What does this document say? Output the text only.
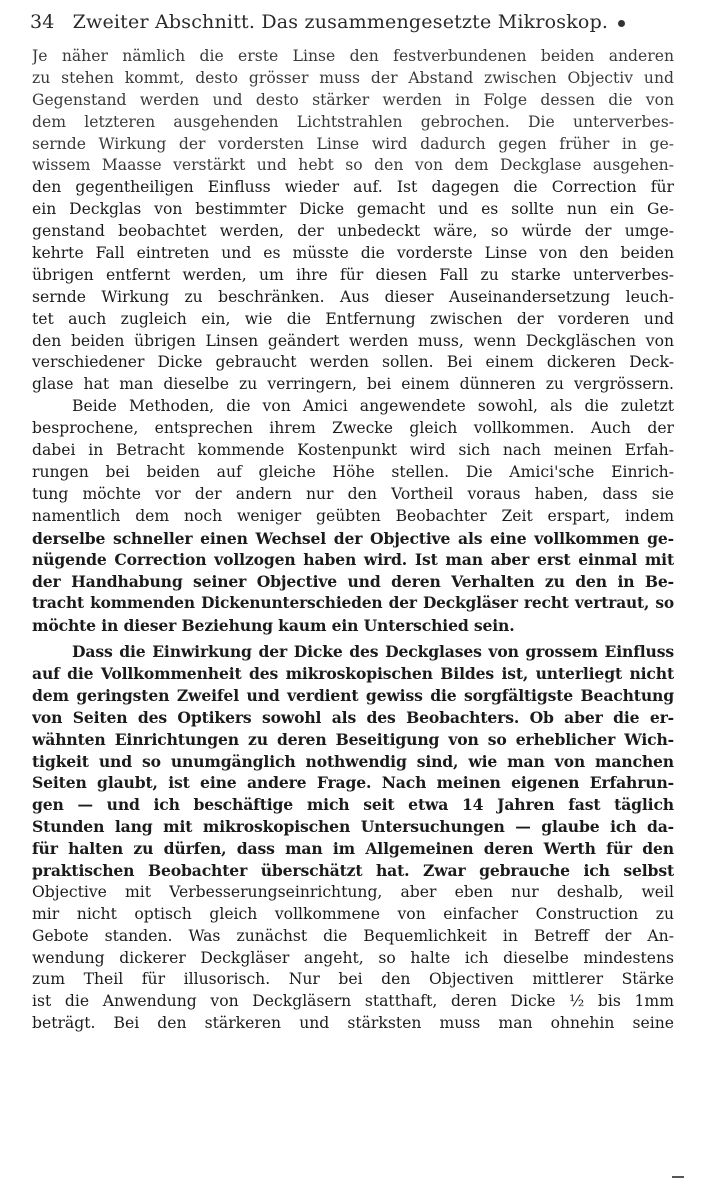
34 Zweiter Abschnitt. Das zusammengesetzte Mikroskop.
Je näher nämlich die erste Linse den festverbundenen beiden anderen
zu stehen kommt, desto grösser muss der Abstand zwischen Objectiv und
Gegenstand werden und desto stärker werden in Folge dessen die von
dem letzteren ausgehenden Lichtstrahlen gebrochen. Die unterverbes-
sernde Wirkung der vordersten Linse wird dadurch gegen früher in ge-
wissem Maasse verstärkt und hebt so den von dem Deckglase ausgehen-
den gegentheiligen Einfluss wieder auf. Ist dagegen die Correction für
ein Deckglas von bestimmter Dicke gemacht und es sollte nun ein Ge-
genstand beobachtet werden, der unbedeckt wäre, so würde der umge-
kehrte Fall eintreten und es müsste die vorderste Linse von den beiden
übrigen entfernt werden, um ihre für diesen Fall zu starke unterverbes-
sernde Wirkung zu beschränken. Aus dieser Auseinandersetzung leuch-
tet auch zugleich ein, wie die Entfernung zwischen der vorderen und
den beiden übrigen Linsen geändert werden muss, wenn Deckgläschen von
verschiedener Dicke gebraucht werden sollen. Bei einem dickeren Deck-
glase hat man dieselbe zu verringern, bei einem dünneren zu vergrössern.
Beide Methoden, die von Amici angewendete sowohl, als die zuletzt
besprochene, entsprechen ihrem Zwecke gleich vollkommen. Auch der
dabei in Betracht kommende Kostenpunkt wird sich nach meinen Erfah-
rungen bei beiden auf gleiche Höhe stellen. Die Amici'sche Einrich-
tung möchte vor der andern nur den Vortheil voraus haben, dass sie
namentlich dem noch weniger geübten Beobachter Zeit erspart, indem
derselbe schneller einen Wechsel der Objective als eine vollkommen ge-
nügende Correction vollzogen haben wird. Ist man aber erst einmal mit
der Handhabung seiner Objective und deren Verhalten zu den in Be-
tracht kommenden Dickenunterschieden der Deckgläser recht vertraut, so
möchte in dieser Beziehung kaum ein Unterschied sein.
Dass die Einwirkung der Dicke des Deckglases von grossem Einfluss
auf die Vollkommenheit des mikroskopischen Bildes ist, unterliegt nicht
dem geringsten Zweifel und verdient gewiss die sorgfältigste Beachtung
von Seiten des Optikers sowohl als des Beobachters. Ob aber die er-
wähnten Einrichtungen zu deren Beseitigung von so erheblicher Wich-
tigkeit und so unumgänglich nothwendig sind, wie man von manchen
Seiten glaubt, ist eine andere Frage. Nach meinen eigenen Erfahrun-
gen — und ich beschäftige mich seit etwa 14 Jahren fast täglich
Stunden lang mit mikroskopischen Untersuchungen — glaube ich da-
für halten zu dürfen, dass man im Allgemeinen deren Werth für den
praktischen Beobachter überschätzt hat. Zwar gebrauche ich selbst
Objective mit Verbesserungseinrichtung, aber eben nur deshalb, weil
mir nicht optisch gleich vollkommene von einfacher Construction zu
Gebote standen. Was zunächst die Bequemlichkeit in Betreff der An-
wendung dickerer Deckgläser angeht, so halte ich dieselbe mindestens
zum Theil für illusorisch. Nur bei den Objectiven mittlerer Stärke
ist die Anwendung von Deckgläsern statthaft, deren Dicke ½ bis 1mm
beträgt. Bei den stärkeren und stärksten muss man ohnehin seine
